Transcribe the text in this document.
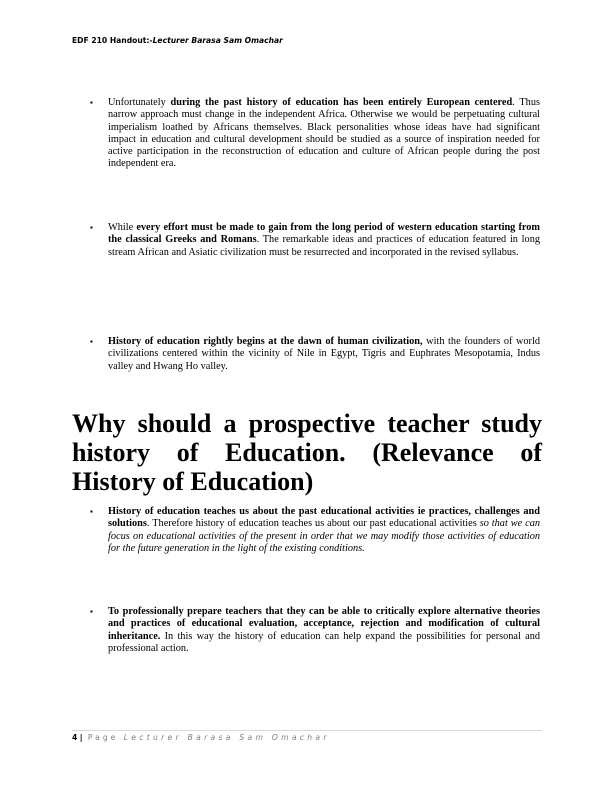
EDF 210 Handout:-Lecturer Barasa Sam Omachar
▪ Unfortunately during the past history of education has been entirely European centered. Thus narrow approach must change in the independent Africa. Otherwise we would be perpetuating cultural imperialism loathed by Africans themselves. Black personalities whose ideas have had significant impact in education and cultural development should be studied as a source of inspiration needed for active participation in the reconstruction of education and culture of African people during the post independent era.
▪ While every effort must be made to gain from the long period of western education starting from the classical Greeks and Romans. The remarkable ideas and practices of education featured in long stream African and Asiatic civilization must be resurrected and incorporated in the revised syllabus.
▪ History of education rightly begins at the dawn of human civilization, with the founders of world civilizations centered within the vicinity of Nile in Egypt, Tigris and Euphrates Mesopotamia, Indus valley and Hwang Ho valley.
Why should a prospective teacher study history of Education. (Relevance of History of Education)
▪ History of education teaches us about the past educational activities ie practices, challenges and solutions. Therefore history of education teaches us about our past educational activities so that we can focus on educational activities of the present in order that we may modify those activities of education for the future generation in the light of the existing conditions.
▪ To professionally prepare teachers that they can be able to critically explore alternative theories and practices of educational evaluation, acceptance, rejection and modification of cultural inheritance. In this way the history of education can help expand the possibilities for personal and professional action.
4 | Page Lecturer Barasa Sam Omachar
